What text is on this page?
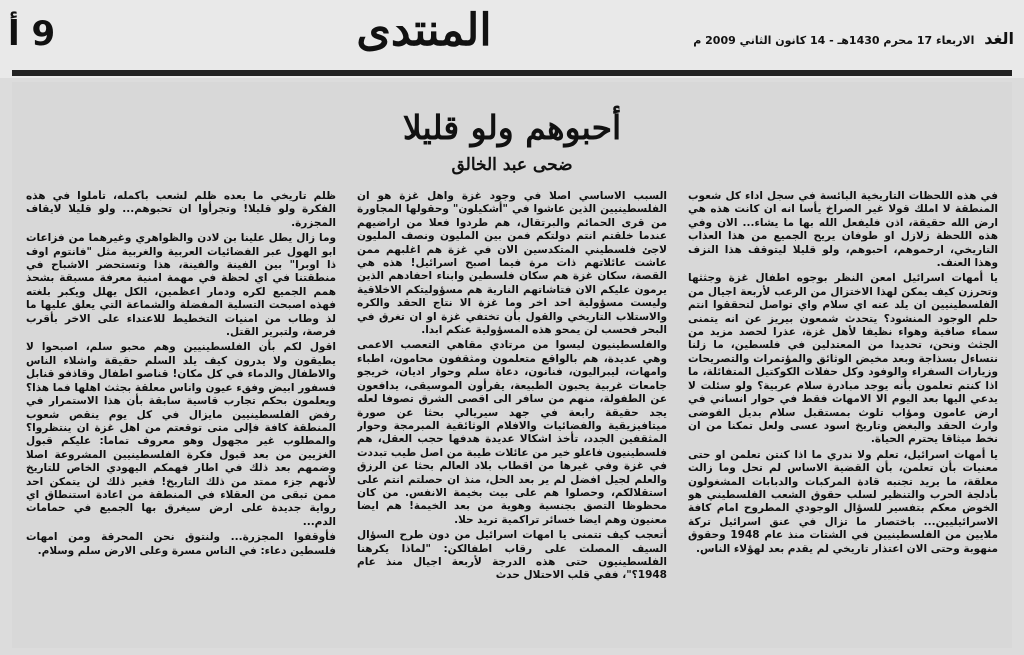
9 أ	المنتدى	الغد الاربعاء 17 محرم 1430هـ - 14 كانون الثاني 2009 م
أحبوهم ولو قليلا
ضحى عبد الخالق

في هذه اللحظات التاريخية البائسة في سجل اداء كل شعوب المنطقة لا املك قولا غير الصراخ يأسا انه ان كانت هذه هي ارض الله حقيقة، اذن فليفعل الله بها ما يشاء... الان وفي هذه اللحظة زلازل او طوفان يريح الجميع من هذا العذاب التاريخي، ارحموهم، احبوهم، ولو قليلا ليتوقف هذا النزف وهذا العنف.

يا أمهات اسرائيل امعن النظر بوجوه اطفال غزة وجثثها وتحرزن كيف يمكن لهذا الاختزال من الرعب لأربعة اجيال من الفلسطينيين ان يلد عنه اي سلام واي تواصل لتحققوا انتم حلم الوجود المنشود؟ يتحدث شمعون بيريز عن انه يتمنى سماء صافية وهواء نظيفا لأهل غزة، عذرا لحصد مزيد من الجثث ونحن، تحديدا من المعتدلين في فلسطين، ما زلنا نتساءل بسذاجة وبعد مخيض الوثائق والمؤتمرات والتصريحات وزيارات السفراء والوفود وكل حفلات الكوكتيل المتفائلة، ما اذا كنتم تعلمون بأنه يوجد مبادرة سلام عربية؟ ولو سئلت لا يدعي اليها بعد اليوم الا الامهات فقط في حوار انساني في ارض عامون ومؤاب تلوث بمستقبل سلام بديل الفوضى وارث الحقد والبغض وتاريخ اسود عسى ولعل تمكنا من ان نخط ميثاقا يحترم الحياة.

يا أمهات اسرائيل، تعلم ولا ندري ما اذا كنتن تعلمن او حتى معنيات بأن تعلمن، بأن القضية الاساس لم تحل وما زالت معلقة، ما يريد تجنبه قادة المركبات والدبابات المشغولون بأدلجة الحرب والتنظير لسلب حقوق الشعب الفلسطيني هو الخوض معكم بتفسير للسؤال الوجودي المطروح امام كافة الاسرائيليين... باختصار ما تزال في عنق اسرائيل تركة ملايين من الفلسطينيين في الشتات منذ عام 1948 وحقوق منهوبة وحتى الان اعتذار تاريخي لم يقدم بعد لهؤلاء الناس.

السبب الاساسي اصلا في وجود غزة واهل غزة هو ان الفلسطينيين الذين عاشوا في "أشكيلون" وحقولها المجاورة من قرى الحمائم والبرتقال، هم طردوا فعلا من اراضيهم عندما خلقتم انتم دولتكم فمن بين المليون ونصف المليون لاجئ فلسطيني المتكدسين الان في غزة هم اغلبهم ممن عاشت عائلاتهم ذات مرة فيما اصبح اسرائيل! هذه هي القصة، سكان غزة هم سكان فلسطين وابناء احفادهم الذين يرمون عليكم الان فتاشاتهم النارية هم مسؤوليتكم الاخلاقية وليست مسؤولية احد اخر وما غزة الا نتاج الحقد والكره والاستلاب التاريخي والقول بأن تختفي غزة او ان تغرق في البحر فحسب لن يمحو هذه المسؤولية عنكم ابدا.

والفلسطينيون ليسوا من مرتادي مقاهي التعصب الاعمى وهي عديدة، هم بالواقع متعلمون ومثقفون محامون، اطباء وامهات، ليبراليون، فنانون، دعاة سلم وحوار اديان، خريجو جامعات غربية يحبون الطبيعة، يقرأون الموسيقى، يدافعون عن الطفولة، منهم من سافر الى اقصى الشرق تصوفا لعله يجد حقيقة رابعة في جهد سيريالي بحثا عن صورة ميتافيزيقية والفضائيات والافلام الوثائقية المبرمجة وحوار المثقفين الجدد، تأخذ اشكالا عديدة هدفها حجب العقل، هم فلسطينيون فاعلو خير من عائلات طيبة من اصل طيب تبددت في غزة وفي غيرها من اقطاب بلاد العالم بحثا عن الرزق والعلم لجيل افضل لم ير بعد الحل، منذ ان حصلتم انتم على استقلالكم، وحصلوا هم على بيت بخيمة الانفس. من كان محظوظا التصق بجنسية وهوية من بعد الخيمة! هم ايضا معنيون وهم ايضا خسائر تراكمية تريد حلا.

أتعجب كيف تتمنى يا امهات اسرائيل من دون طرح السؤال السيف المصلت على رقاب اطفالكن: "لماذا يكرهنا الفلسطينيون حتى هذه الدرجة لأربعة اجيال منذ عام 1948؟"، ففي قلب الاحتلال حدث

ظلم تاريخي ما بعده ظلم لشعب بأكمله، تأملوا في هذه الفكرة ولو قليلا! وتجرأوا ان تحبوهم... ولو قليلا لايقاف المجزرة.

وما زال يطل علينا بن لادن والظواهري وغيرهما من فزاعات ابو الهول عبر الفضائيات العربية والغربية مثل "فانتوم اوف ذا اوبرا" بين الفينة والفينة، هذا وتستحضر الاشباح في منطقتنا في اي لحظة في مهمة امنية معرفة مسبقة بشحذ همم الجميع لكره ودمار اعظمين، الكل يهلل ويكبر بلغته فهذه اصبحت التسلية المفضلة والشماعة التي يعلق عليها ما لذ وطاب من امنيات التخطيط للاعتداء على الاخر بأقرب فرصة، ولتبرير القتل.

اقول لكم بأن الفلسطينيين وهم محبو سلم، اصبحوا لا يطيقون ولا يدرون كيف يلد السلم حقيقة واشلاء الناس والاطفال والدماء في كل مكان! قناصو اطفال وقاذفو قنابل فسفور ابيض وفقء عيون واناس معلقة بجثث اهلها فما هذا؟ ويعلمون بحكم تجارب قاسية سابقة بأن هذا الاستمرار في رفض الفلسطينيين مايزال في كل يوم ينقص شعوب المنطقة كافة فإلى متى توقعتم من اهل غزة ان ينتظروا؟ والمطلوب غير مجهول وهو معروف تماما: عليكم قبول الغزيين من بعد قبول فكرة الفلسطينيين المشروعة اصلا وضمهم بعد ذلك في اطار فهمكم اليهودي الخاص للتاريخ لأنهم جزء ممتد من ذلك التاريخ! فغير ذلك لن يتمكن احد ممن تبقى من العقلاء في المنطقة من اعادة استنطاق اي رواية جديدة على ارض سيغرق بها الجميع في حمامات الدم...

فأوقفوا المجزرة... ولنتوق نحن المحرقة ومن امهات فلسطين دعاء: في الناس مسرة وعلى الارض سلم وسلام.
